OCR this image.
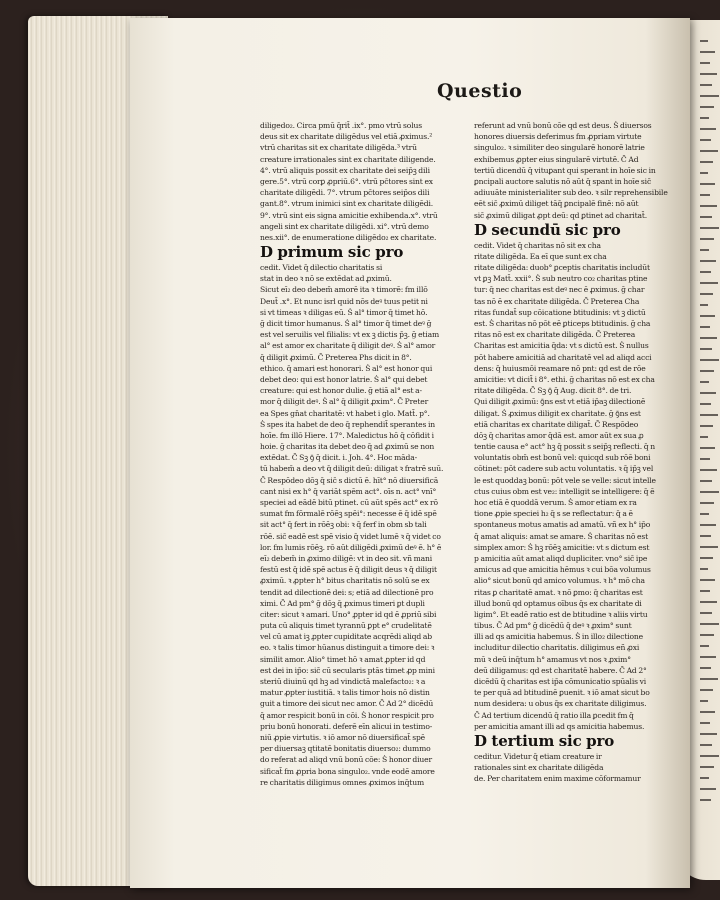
Questio
diligedo₂. Circa pmū q̄rit̄ .ix°. pmo vtrū solus
deus sit ex charitate diligēdus vel etiā ꝓximus.²
vtrū charitas sit ex charitate diligēda.³ vtrū
creature irrationales sint ex charitate diligende.
4°. vtrū aliquis possit ex charitate dei seip̄ꝫ dili
gere.5°. vtrū corꝑ ꝓpriū.6°. vtrū pc̄tores sint ex
charitate diligēdi. 7°. vtrum pc̄tores seip̄os dili
gant.8°. vtrum inimici sint ex charitate diligēdi.
9°. vtrū sint eis signa amicitie exhibenda.x°. vtrū
angeli sint ex charitate diligēdi. xi°. vtrū demo
nes.xii°. de enumeratione diligēdo₂ ex charitate.
D primum sic pro
cedit. Videt q̄ dilectio charitatis si
stat in deo ꝛ nō se extēdat ad ꝓximū.
Sicut eī₂ deo debem̄ amorē ita ꝛ timorē: fm illō
Deut̄ .x°. Et nunc isrl quid nōs deꝰ tuus petit ni
si vt timeas ꝛ diligas eū. Ṡ al° timor q̄ timet hō.
ḡ dicit timor humanus. Ṡ al° timor q̄ timet deꝰ ḡ
est vel seruilis vel filialis: vt ex ꝫ dictis p̄ꝫ. ḡ etiam
al° est amor ex charitate q̄ diligit deꝰ. Ṡ al° amor
q̄ diligit ꝓximū. C̄ Preterea Phs dicit in 8°.
ethico. q̄ amari est honorari. Ṡ al° est honor qui
debet deo: qui est honor latrie. Ṡ al° qui debet
creature: qui est honor dulie. ḡ etiā al° est a-
mor q̄ diligit deꝰ. Ṡ al° q̄ diligit ꝓxim°. C̄ Preter
ea Spes gn̄at charitatē: vt habet i glo. Matt̄. p°.
Ṡ spes ita habet de deo q̄ rephendit̄ sperantes in
hoīe. fm illō Hiere. 17°. Maledictus hō q̄ cōfidit i
hoie. ḡ charitas ita debet deo q̄ ad ꝓximū se non
extēdat. C̄ Sꝫ ꝯ̄ q̄ dicit. i. Joh. 4°. Hoc māda-
tū habem̄ a deo vt q̄ diligit deū: diligat ꝛ fratrē suū.
C̄ Respōdeo dōꝫ q̄ sic̄ s dictū ē. hīt° nō diuersificā
cant nisi ex h° q̄ variāt spēm act°. oīs n. act° vnī°
speciei ad eādē bitū ptinet. cū aūt spēs act° ex rō
sumat fm fōrmalē rōēꝫ spēi°: necesse ē q̄ idē spē
sit act° q̄ fert in rōēꝫ obi: ꝛ q̄ ferf in obm sb tali
rōē. sic̄ eadē est spē visio q̄ videt lumē ꝛ q̄ videt co
lor. fm lumis rōēꝫ. rō aūt diligēdi ꝓximū deꝰ ē. h° ē
eī₂ debem̄ in ꝓximo diligē: vt in deo sit. vñ mani
festū est q̄ idē spē actus ē q̄ diligit deus ꝛ q̄ diligit
ꝓximū. ꝛ ꝓpter h° bitus charitatis nō solū se ex
tendit ad dilectionē dei: s; etiā ad dilectionē pro
ximi. C̄ Ad pm° ḡ dōꝫ q̄ ꝓximus timeri ꝑt dupli
citer: sicut ꝛ amari. Uno° ꝓpter id qd ē ꝓpriū sibi
puta cū aliquis timet tyrannū ꝑpt e° crudelitatē
vel cū amat iꝫ ꝓpter cupiditate acqrēdi aliqd ab
eo. ꝛ talis timor hūanus distinguit a timore dei: ꝛ
similit amor. Alio° timet hō ꝛ amat ꝓpter id qd
est dei in ip̄o: sic̄ cū secularis ptās timet ꝓp mini
steriū diuinū qd hꝫ ad vindictā malefacto₂: ꝛ a
matur ꝓpter iustitiā. ꝛ talis timor hois nō distin
guit a timore dei sicut nec amor. C̄ Ad 2° dicēdū
q̄ amor respicit bonū in cōi. Ṡ honor respicit pro
priu bonū honorati. deferē eīn alicui in testimo-
niū ꝓpie virtutis. ꝛ iō amor nō diuersificat̄ spē
per diuersaꝫ qtitatē bonitatis diuerso₂: dummo
do referat ad aliqd vnū bonū cōe: Ṡ honor diuer
sificat̄ fm ꝓpria bona singulo₂. vnde eodē amore
re charitatis diligimus omnes ꝓximos inq̄tum
referunt ad vnū bonū cōe qd est deus. Ṡ diuersos
honores diuersis deferimus fm ꝓpriam virtute
singulo₂. ꝛ similiter deo singularē honorē latrie
exhibemus ꝓpter eius singularē virtutē. C̄ Ad
tertiū dicendū q̄ vituꝑant qui sperant in hoīe sic in
ꝑncipali auctore salutis nō aūt q̄ spant in hoīe sic̄
adiuuāte ministerialiter sub deo. ꝛ silr reprehensibile
eēt sic̄ ꝓximū diliget tāq̄ ꝑncipalē finē: nō aūt
sic̄ ꝓximū diligat ꝓpt deū: qd ꝑtinet ad charitat̄.
D secundū sic pro
cedit. Videt q̄ charitas nō sit ex cha
ritate diligēda. Ea eī que sunt ex cha
ritate diligēda: duob° ꝑceptis charitatis includūt
vt ꝑꝫ Matt̄. xxii°. Ṡ sub neutro co₂ charitas ptine
tur: q̄ nec charitas est deꝰ nec ē ꝓximus. ḡ char
tas nō ē ex charitate diligēda. C̄ Preterea Cha
ritas fundat̄ sup cōicatione btitudinis: vt ꝫ dictū
est. Ṡ charitas nō pōt eē ꝑticeps btitudinis. ḡ cha
ritas nō est ex charitate diligēda. C̄ Preterea
Charitas est amicitia q̄da: vt s dictū est. Ṡ nullus
pōt habere amicitiā ad charitatē vel ad aliqd acci
dens: q̄ huiusmōi reamare nō pnt: qd est de rōe
amicitie: vt dicit̄ i 8°. ethi. ḡ charitas nō est ex cha
ritate diligēda. C̄ Sꝫ ꝯ̄ q̄ Aug. dicit 8°. de tri.
Qui diligit ꝓximū: ꝯ̄ns est vt etiā ip̄aꝫ dilectionē
diligat. Ṡ ꝓximus diligit ex charitate. ḡ ꝯ̄ns est
etiā charitas ex charitate diligat̄. C̄ Respōdeo
dōꝫ q̄ charitas amor q̄dā est. amor aūt ex sua ꝓ
tentie causa e° act° hꝫ q̄ possit s seip̄ꝫ reflecti. q̄ n
voluntatis obm̄ est bonū vel: quicqd sub rōē boni
cōtinet: pōt cadere sub actu voluntatis. ꝛ q̄ ip̄ꝫ vel
le est quoddaꝫ bonū: pōt vele se velle: sicut intelle
ctus cuius obm est ve₂: intelligit se intelligere: q̄ ē
hoc etiā ē quoddā verum. Ṡ amor etiam ex ra
tione ꝓpie speciei h₂ q̄ s se reflectatur: q̄ a ē
spontaneus motus amatis ad amatū. vñ ex h° ip̄o
q̄ amat aliquis: amat se amare. Ṡ charitas nō est
simplex amor: Ṡ hꝫ rōēꝫ amicitie: vt s dictum est
p amicitia aūt amat aliqd dupliciter. vno° sic̄ ipe
amicus ad que amicitia hēmus ꝛ cui bōa volumus
alio° sicut bonū qd amico volumus. ꝛ h° mō cha
ritas ꝑ charitatē amat. ꝛ nō ꝑmo: q̄ charitas est
illud bonū qd optamus oībus q̄s ex charitate di
ligim°. Et eadē ratio est de btitudine ꝛ aliis virtu
tibus. C̄ Ad pm° ḡ dicēdū q̄ deꝰ ꝛ ꝓxim° sunt
illi ad qs amicitia habemus. Ṡ in illo₂ dilectione
includitur dilectio charitatis. diligimus eñ ꝓxi
mū ꝛ deū inq̄tum h° amamus vt nos ꝛ ꝓxim°
deū diligamus: qd est charitatē habere. C̄ Ad 2°
dicēdū q̄ charitas est ip̄a cōmunicatio spūalis vi
te per quā ad btitudinē ꝑuenit. ꝛ iō amat sicut bo
num desidera: u obus q̄s ex charitate diligimus.
C̄ Ad tertium dicendū q̄ ratio illa ꝑcedit fm q̄
per amicitia amant illi ad qs amicitia habemus.
D tertium sic pro
ceditur. Videtur q̄ etiam creature ir
rationales sint ex charitate diligēda
de. Per charitatem enim maxime cōformamur
